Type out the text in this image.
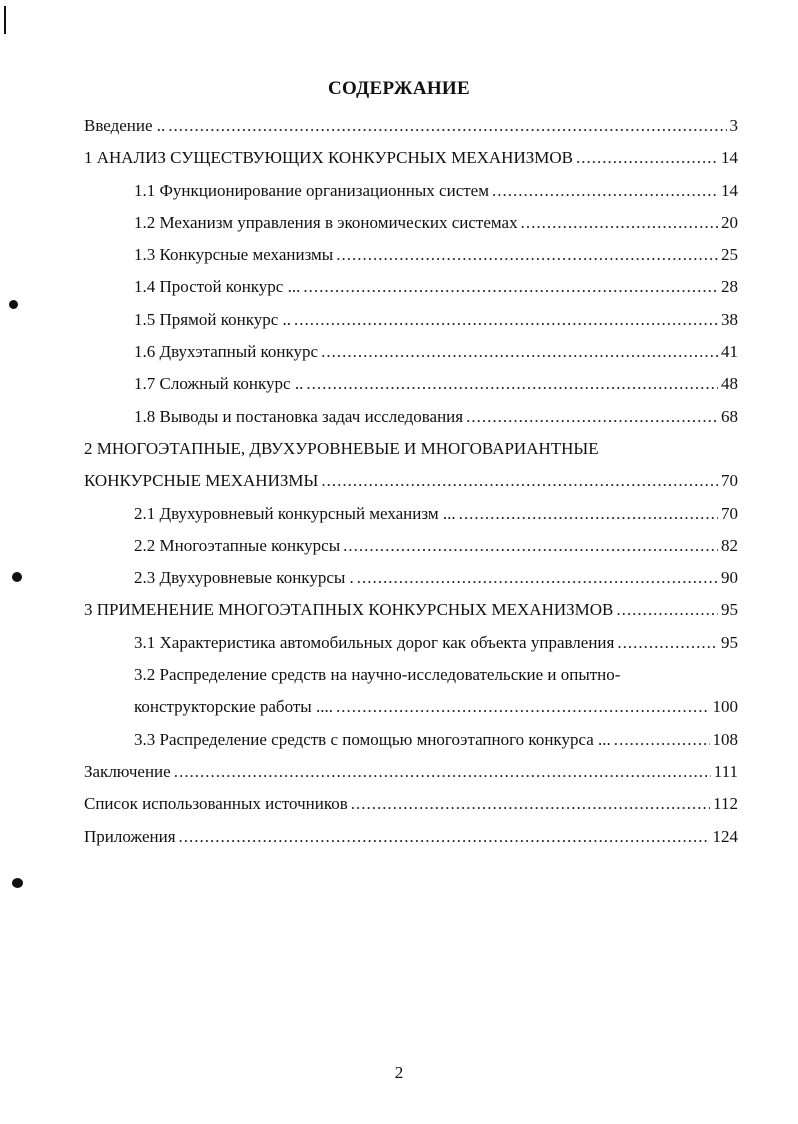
СОДЕРЖАНИЕ
Введение .. .....	3
1 АНАЛИЗ СУЩЕСТВУЮЩИХ КОНКУРСНЫХ МЕХАНИЗМОВ .....	14
1.1 Функционирование организационных систем .....	14
1.2 Механизм управления в экономических системах .....	20
1.3 Конкурсные механизмы .....	25
1.4 Простой конкурс ... .....	28
1.5 Прямой конкурс .. .....	38
1.6 Двухэтапный конкурс .....	41
1.7 Сложный конкурс .. .....	48
1.8 Выводы и постановка задач исследования .....	68
2 МНОГОЭТАПНЫЕ, ДВУХУРОВНЕВЫЕ И МНОГОВАРИАНТНЫЕ
КОНКУРСНЫЕ МЕХАНИЗМЫ .....	70
2.1 Двухуровневый конкурсный механизм ... .....	70
2.2 Многоэтапные конкурсы .....	82
2.3 Двухуровневые конкурсы . .....	90
3 ПРИМЕНЕНИЕ МНОГОЭТАПНЫХ КОНКУРСНЫХ МЕХАНИЗМОВ .....	95
3.1 Характеристика автомобильных дорог как объекта управления .....	95
3.2 Распределение средств на научно-исследовательские и опытно-
конструкторские работы .... .....	100
3.3 Распределение средств с помощью многоэтапного конкурса ... .....	108
Заключение .....	111
Список использованных источников .....	112
Приложения .....	124
2
